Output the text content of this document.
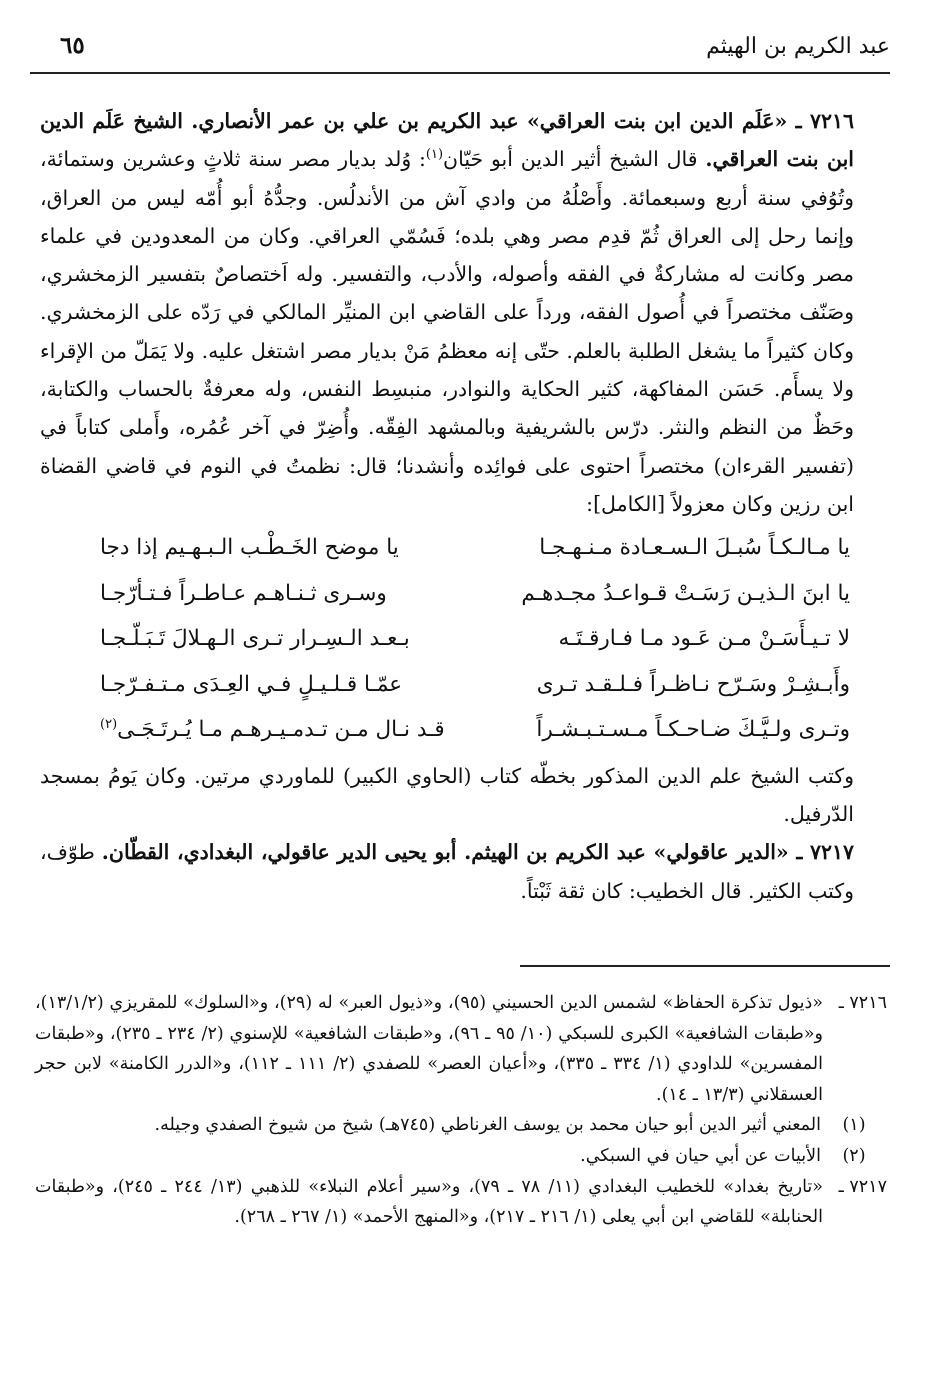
٦٥	عبد الكريم بن الهيثم

٧٢١٦ ـ «عَلَم الدين ابن بنت العراقي» عبد الكريم بن علي بن عمر الأنصاري. الشيخ عَلَم الدين ابن بنت العراقي. قال الشيخ أثير الدين أبو حَيّان$^{(١)}$: وُلد بديار مصر سنة ثلاثٍ وعشرين وستمائة، وتُوُفي سنة أربع وسبعمائة. وأَصْلُهُ من وادي آش من الأندلُس. وجدُّهُ أبو أُمّه ليس من العراق، وإنما رحل إلى العراق ثُمّ قدِم مصر وهي بلده؛ فَسُمّي العراقي. وكان من المعدودين في علماء مصر وكانت له مشاركةٌ في الفقه وأصوله، والأدب، والتفسير. وله اَختصاصٌ بتفسير الزمخشري، وصَنّف مختصراً في أُصول الفقه، ورداً على القاضي ابن المنيِّر المالكي في رَدّه على الزمخشري. وكان كثيراً ما يشغل الطلبة بالعلم. حتّى إنه معظمُ مَنْ بديار مصر اشتغل عليه. ولا يَمَلّ من الإقراء ولا يسأَم. حَسَن المفاكهة، كثير الحكاية والنوادر، منبسِط النفس، وله معرفةٌ بالحساب والكتابة، وحَظٌ من النظم والنثر. درّس بالشريفية وبالمشهد الفِقّه. وأُضِرّ في آخر عُمُره، وأَملى كتاباً في (تفسير القرءان) مختصراً احتوى على فوائِده وأنشدنا؛ قال: نظمتُ في النوم في قاضي القضاة ابن رزين وكان معزولاً [الكامل]:

يا مـالـكـاً سُبـلَ الـسـعـادة مـنـهـجـا
يا موضح الخَـطْـب الـبـهـيم إذا دجا
يا ابنَ الـذيـن رَسَـتْ قـواعـدُ مجـدهـم
وسـرى ثـنـاهـم عـاطـراً فـتـأرّجـا
لا تـيـأَسَـنْ مـن عَـود مـا فـارقـتَـه
بـعـد الـسِـرار تـرى الـهـلالَ تَـبَـلّـجـا
وأَبـشِـرْ وسَـرّح نـاظـراً فـلـقـد تـرى
عمّـا قـلـيـلٍ فـي العِـدَى مـتـفـرّجـا
وتـرى ولـيَّـكَ ضـاحـكـاً مـسـتـبـشـراً
قـد نـال مـن تـدمـيـرهـم مـا يُـرتَـجَـى$^{(٢)}$

وكتب الشيخ علم الدين المذكور بخطّه كتاب (الحاوي الكبير) للماوردي مرتين. وكان يَومُ بمسجد الدّرفيل.

٧٢١٧ ـ «الدير عاقولي» عبد الكريم بن الهيثم. أبو يحيى الدير عاقولي، البغدادي، القطّان. طوّف، وكتب الكثير. قال الخطيب: كان ثقة ثَبْتاً.

٧٢١٦ ـ«ذيول تذكرة الحفاظ» لشمس الدين الحسيني (٩٥)، و«ذيول العبر» له (٢٩)، و«السلوك» للمقريزي (١٣/١/٢)، و«طبقات الشافعية» الكبرى للسبكي (١٠/ ٩٥ ـ ٩٦)، و«طبقات الشافعية» للإسنوي (٢/ ٢٣٤ ـ ٢٣٥)، و«طبقات المفسرين» للداودي (١/ ٣٣٤ ـ ٣٣٥)، و«أعيان العصر» للصفدي (٢/ ١١١ ـ ١١٢)، و«الدرر الكامنة» لابن حجر العسقلاني (١٣/٣ ـ ١٤).
(١)المعني أثير الدين أبو حيان محمد بن يوسف الغرناطي (٧٤٥هـ) شيخ من شيوخ الصفدي وجيله.
(٢)الأبيات عن أبي حيان في السبكي.
٧٢١٧ ـ«تاريخ بغداد» للخطيب البغدادي (١١/ ٧٨ ـ ٧٩)، و«سير أعلام النبلاء» للذهبي (١٣/ ٢٤٤ ـ ٢٤٥)، و«طبقات الحنابلة» للقاضي ابن أبي يعلى (١/ ٢١٦ ـ ٢١٧)، و«المنهج الأحمد» (١/ ٢٦٧ ـ ٢٦٨).
